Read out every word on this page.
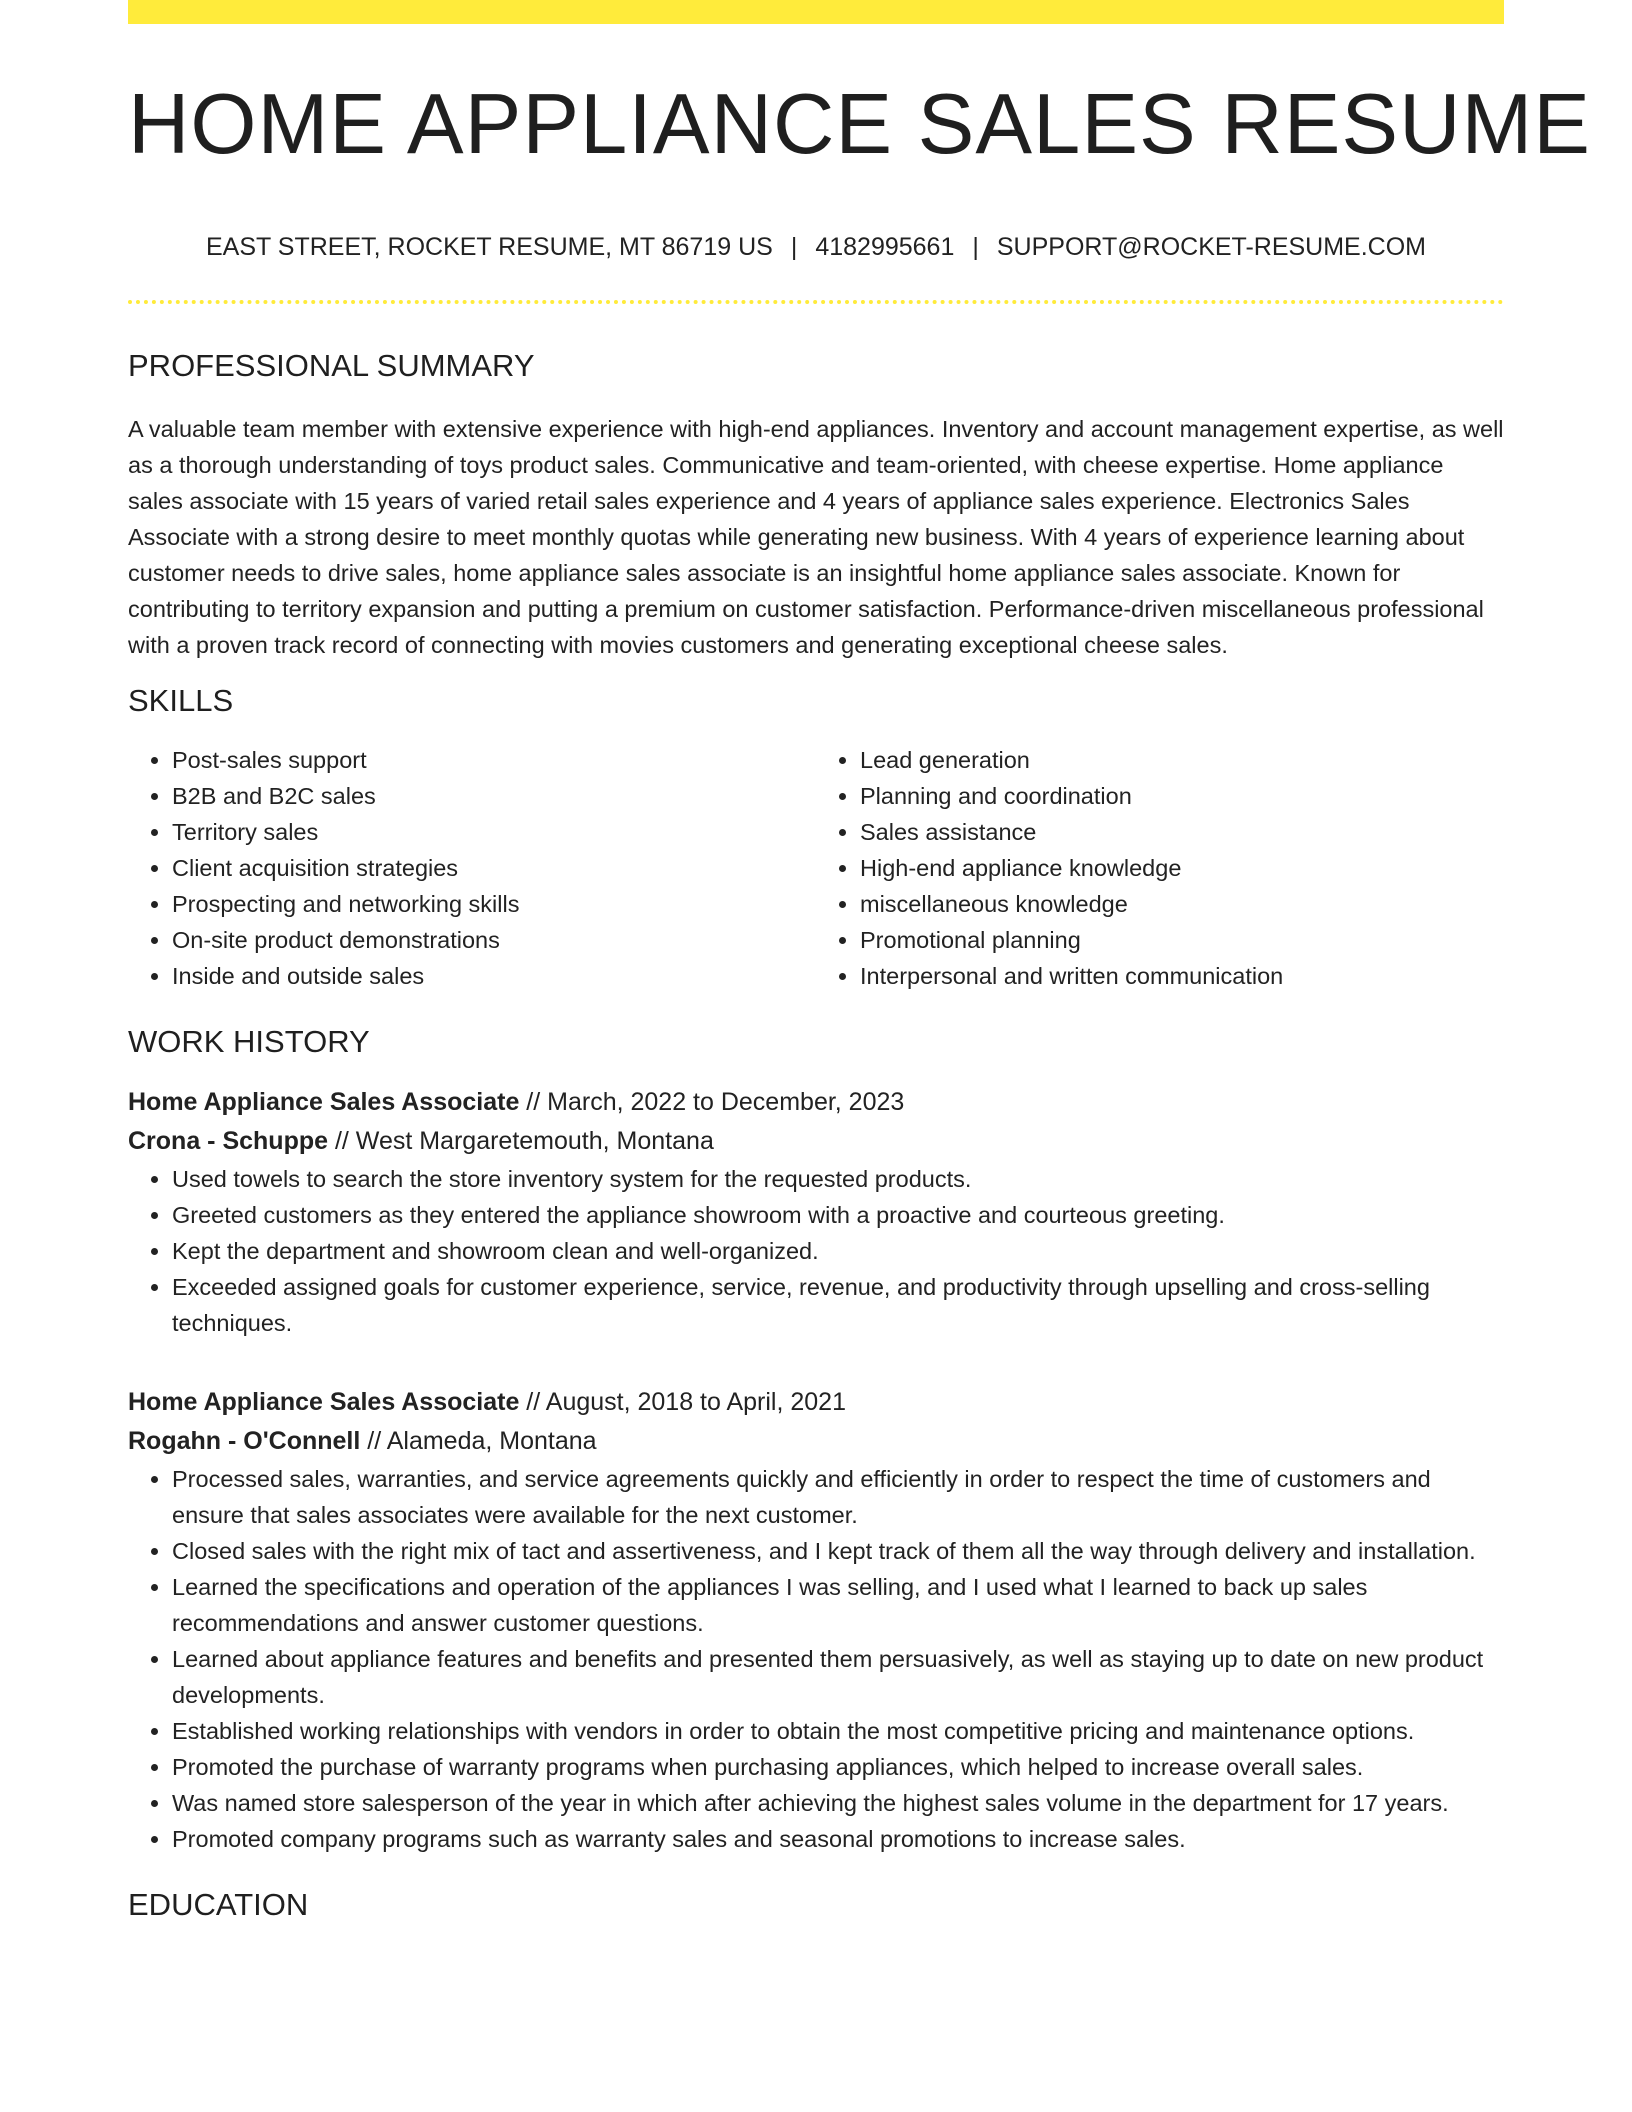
HOME APPLIANCE SALES RESUME
EAST STREET, ROCKET RESUME, MT 86719 US | 4182995661 | SUPPORT@ROCKET-RESUME.COM
PROFESSIONAL SUMMARY

A valuable team member with extensive experience with high-end appliances. Inventory and account management expertise, as well as a thorough understanding of toys product sales. Communicative and team-oriented, with cheese expertise. Home appliance sales associate with 15 years of varied retail sales experience and 4 years of appliance sales experience. Electronics Sales Associate with a strong desire to meet monthly quotas while generating new business. With 4 years of experience learning about customer needs to drive sales, home appliance sales associate is an insightful home appliance sales associate. Known for contributing to territory expansion and putting a premium on customer satisfaction. Performance-driven miscellaneous professional with a proven track record of connecting with movies customers and generating exceptional cheese sales.

SKILLS
• Post-sales support
• B2B and B2C sales
• Territory sales
• Client acquisition strategies
• Prospecting and networking skills
• On-site product demonstrations
• Inside and outside sales
• Lead generation
• Planning and coordination
• Sales assistance
• High-end appliance knowledge
• miscellaneous knowledge
• Promotional planning
• Interpersonal and written communication
WORK HISTORY
Home Appliance Sales Associate // March, 2022 to December, 2023
Crona - Schuppe // West Margaretemouth, Montana
• Used towels to search the store inventory system for the requested products.
• Greeted customers as they entered the appliance showroom with a proactive and courteous greeting.
• Kept the department and showroom clean and well-organized.
• Exceeded assigned goals for customer experience, service, revenue, and productivity through upselling and cross-selling techniques.
Home Appliance Sales Associate // August, 2018 to April, 2021
Rogahn - O'Connell // Alameda, Montana
• Processed sales, warranties, and service agreements quickly and efficiently in order to respect the time of customers and ensure that sales associates were available for the next customer.
• Closed sales with the right mix of tact and assertiveness, and I kept track of them all the way through delivery and installation.
• Learned the specifications and operation of the appliances I was selling, and I used what I learned to back up sales recommendations and answer customer questions.
• Learned about appliance features and benefits and presented them persuasively, as well as staying up to date on new product developments.
• Established working relationships with vendors in order to obtain the most competitive pricing and maintenance options.
• Promoted the purchase of warranty programs when purchasing appliances, which helped to increase overall sales.
• Was named store salesperson of the year in which after achieving the highest sales volume in the department for 17 years.
• Promoted company programs such as warranty sales and seasonal promotions to increase sales.
EDUCATION
